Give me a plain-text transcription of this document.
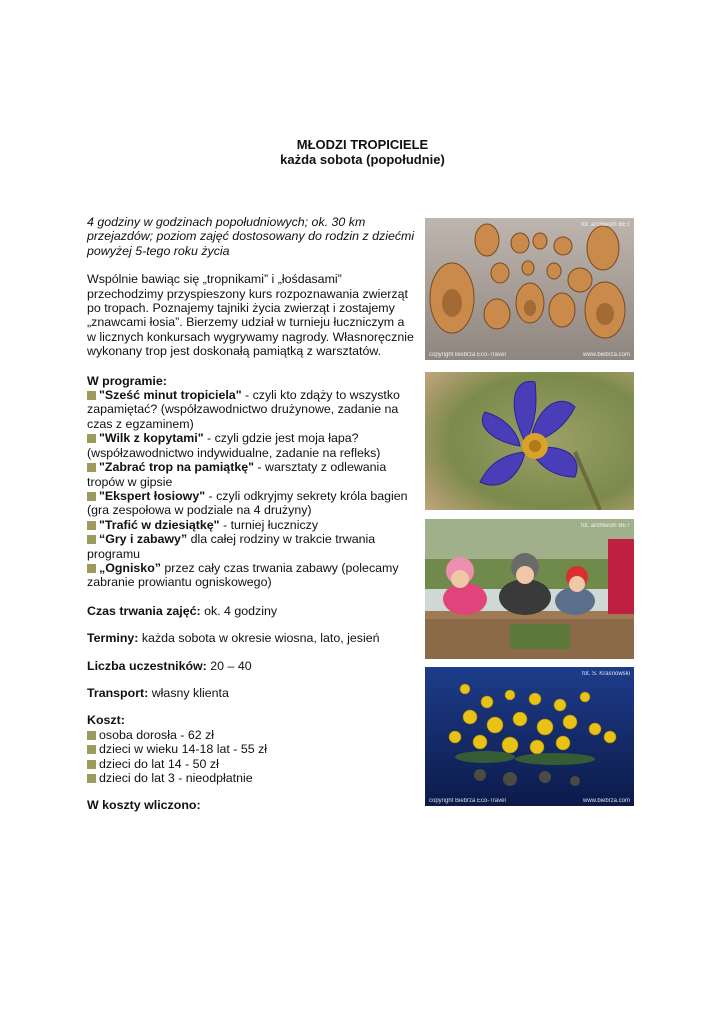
MŁODZI TROPICIELE
każda sobota (popołudnie)

4 godziny w godzinach popołudniowych; ok. 30 km przejazdów; poziom zajęć dostosowany do rodzin z dziećmi powyżej 5-tego roku życia

Wspólnie bawiąc się „tropnikami” i „łośdasami” przechodzimy przyspieszony kurs rozpoznawania zwierząt po tropach. Poznajemy tajniki życia zwierząt i zostajemy „znawcami łosia”. Bierzemy udział w turnieju łuczniczym a w licznych konkursach wygrywamy nagrody. Własnoręcznie wykonany trop jest doskonałą pamiątką z warsztatów.

W programie:

"Sześć minut tropiciela" - czyli kto zdąży to wszystko zapamiętać? (współzawodnictwo drużynowe, zadanie na czas z egzaminem)

"Wilk z kopytami" - czyli gdzie jest moja łapa? (współzawodnictwo indywidualne, zadanie na refleks)

"Zabrać trop na pamiątkę" - warsztaty z odlewania tropów w gipsie

"Ekspert łosiowy" - czyli odkryjmy sekrety króla bagien (gra zespołowa w podziale na 4 drużyny)

"Trafić w dziesiątkę" - turniej łuczniczy

“Gry i zabawy” dla całej rodziny w trakcie trwania programu

„Ognisko” przez cały czas trwania zabawy (polecamy zabranie prowiantu ogniskowego)

Czas trwania zajęć: ok. 4 godziny

Terminy: każda sobota w okresie wiosna, lato, jesień

Liczba uczestników: 20 – 40

Transport: własny klienta

Koszt:

osoba dorosła - 62 zł

dzieci w wieku 14-18 lat - 55 zł

dzieci do lat 14 - 50 zł

dzieci do lat 3 - nieodpłatnie

W koszty wliczono:

fot. archiwum BET
copyright Biebrza Eco-Travel	www.biebrza.com
fot. archiwum BET
fot. S. Krasnowski
copyright Biebrza Eco-Travel	www.biebrza.com
